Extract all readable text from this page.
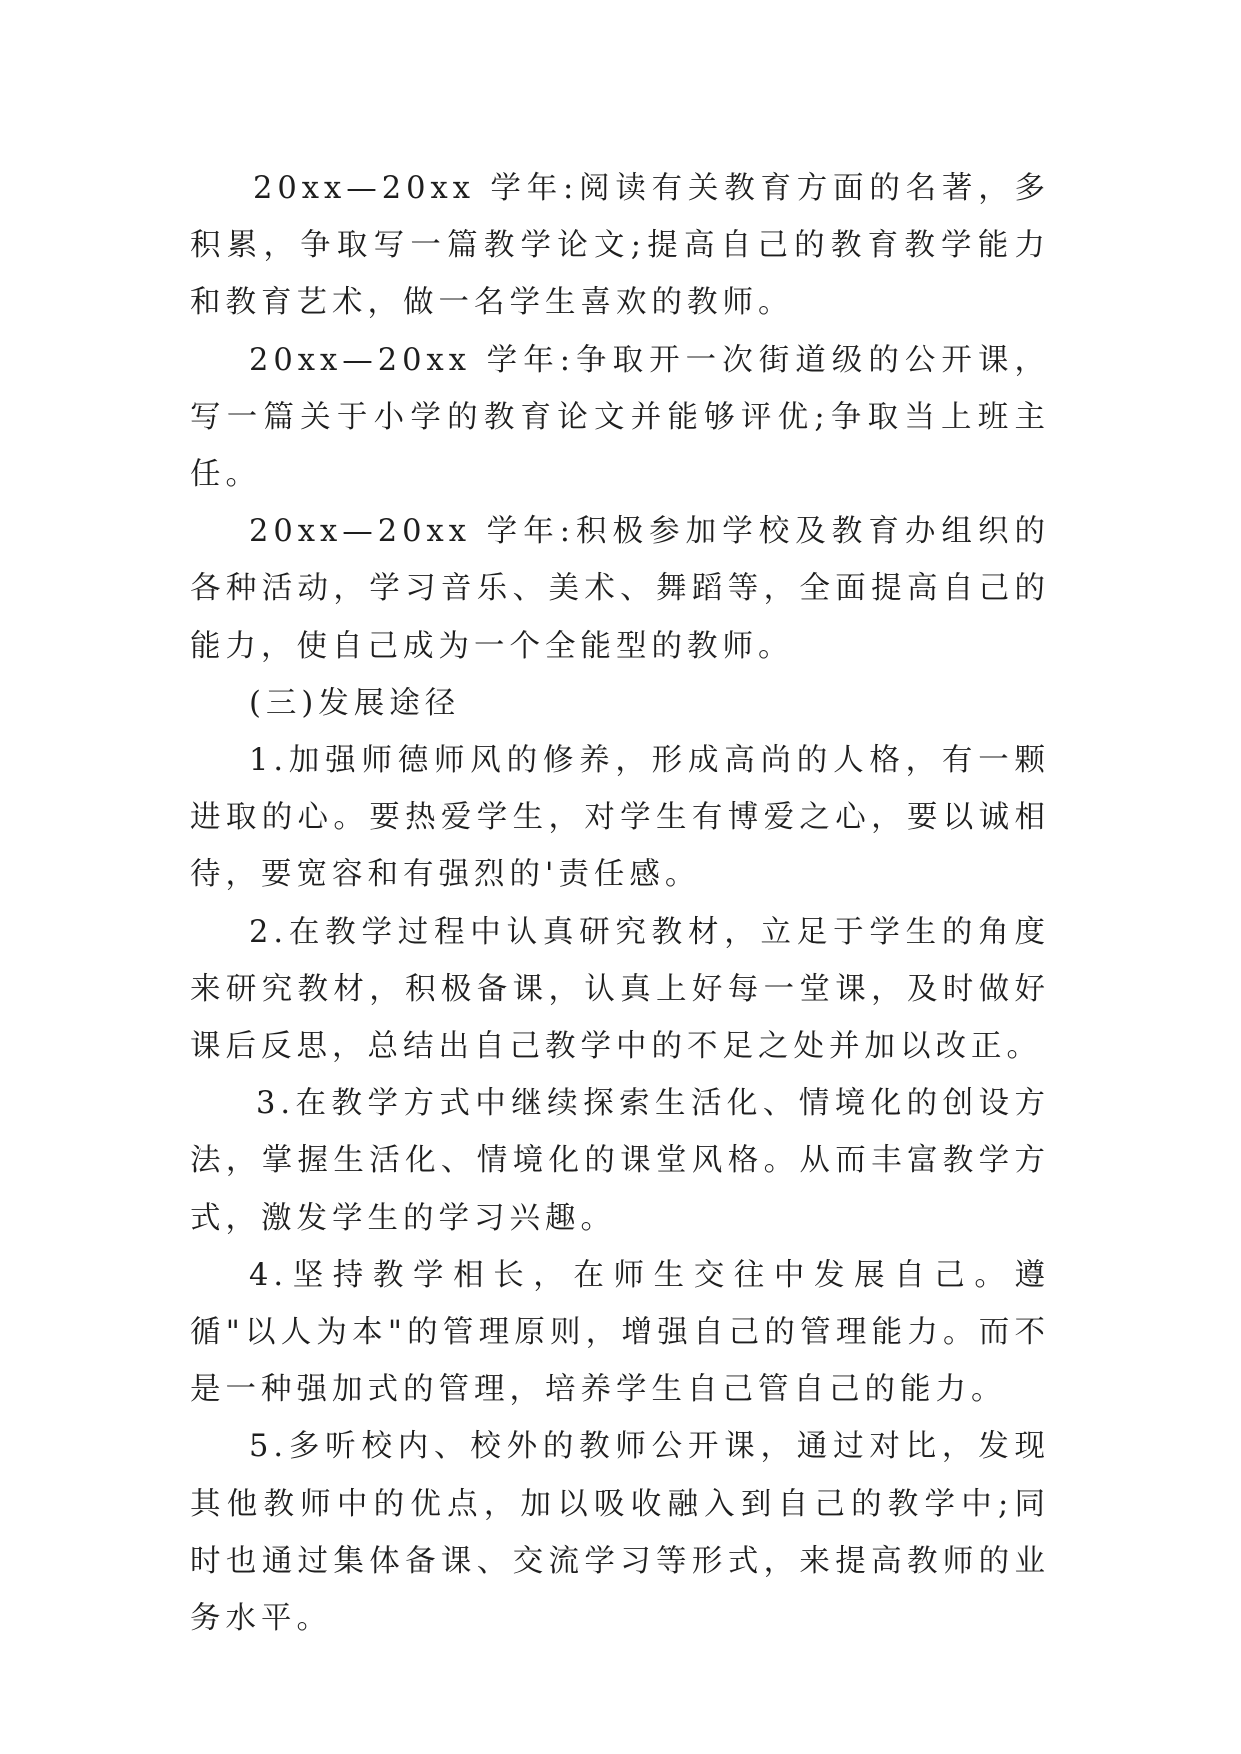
20xx—20xx 学年:阅读有关教育方面的名著，多积累，争取写一篇教学论文;提高自己的教育教学能力和教育艺术，做一名学生喜欢的教师。

20xx—20xx 学年:争取开一次街道级的公开课，写一篇关于小学的教育论文并能够评优;争取当上班主任。

20xx—20xx 学年:积极参加学校及教育办组织的各种活动，学习音乐、美术、舞蹈等，全面提高自己的能力，使自己成为一个全能型的教师。

(三)发展途径

1.加强师德师风的修养，形成高尚的人格，有一颗进取的心。要热爱学生，对学生有博爱之心，要以诚相待，要宽容和有强烈的'责任感。

2.在教学过程中认真研究教材，立足于学生的角度来研究教材，积极备课，认真上好每一堂课，及时做好课后反思，总结出自己教学中的不足之处并加以改正。

3.在教学方式中继续探索生活化、情境化的创设方法，掌握生活化、情境化的课堂风格。从而丰富教学方式，激发学生的学习兴趣。

4.坚持教学相长，在师生交往中发展自己。遵循"以人为本"的管理原则，增强自己的管理能力。而不是一种强加式的管理，培养学生自己管自己的能力。

5.多听校内、校外的教师公开课，通过对比，发现其他教师中的优点，加以吸收融入到自己的教学中;同时也通过集体备课、交流学习等形式，来提高教师的业务水平。
